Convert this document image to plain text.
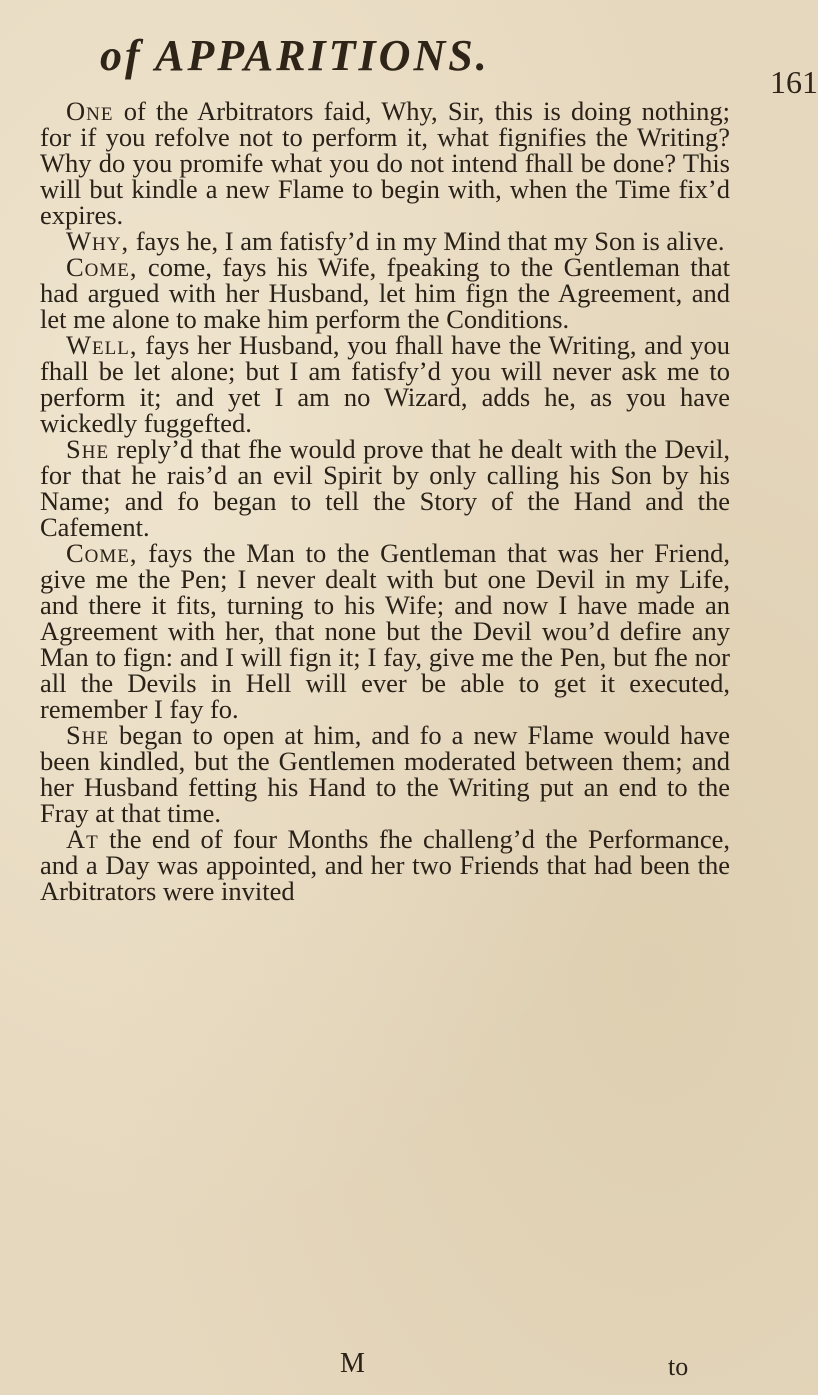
of APPARITIONS.
161

One of the Arbitrators faid, Why, Sir, this is doing nothing; for if you refolve not to perform it, what fignifies the Writing? Why do you promife what you do not intend fhall be done? This will but kindle a new Flame to begin with, when the Time fix’d expires.

Why, fays he, I am fatisfy’d in my Mind that my Son is alive.

Come, come, fays his Wife, fpeaking to the Gentleman that had argued with her Husband, let him fign the Agreement, and let me alone to make him perform the Conditions.

Well, fays her Husband, you fhall have the Writing, and you fhall be let alone; but I am fatisfy’d you will never ask me to perform it; and yet I am no Wizard, adds he, as you have wickedly fuggefted.

She reply’d that fhe would prove that he dealt with the Devil, for that he rais’d an evil Spirit by only calling his Son by his Name; and fo began to tell the Story of the Hand and the Cafement.

Come, fays the Man to the Gentleman that was her Friend, give me the Pen; I never dealt with but one Devil in my Life, and there it fits, turning to his Wife; and now I have made an Agreement with her, that none but the Devil wou’d defire any Man to fign: and I will fign it; I fay, give me the Pen, but fhe nor all the Devils in Hell will ever be able to get it executed, remember I fay fo.

She began to open at him, and fo a new Flame would have been kindled, but the Gentlemen moderated between them; and her Husband fetting his Hand to the Writing put an end to the Fray at that time.

At the end of four Months fhe challeng’d the Performance, and a Day was appointed, and her two Friends that had been the Arbitrators were invited

M	to
